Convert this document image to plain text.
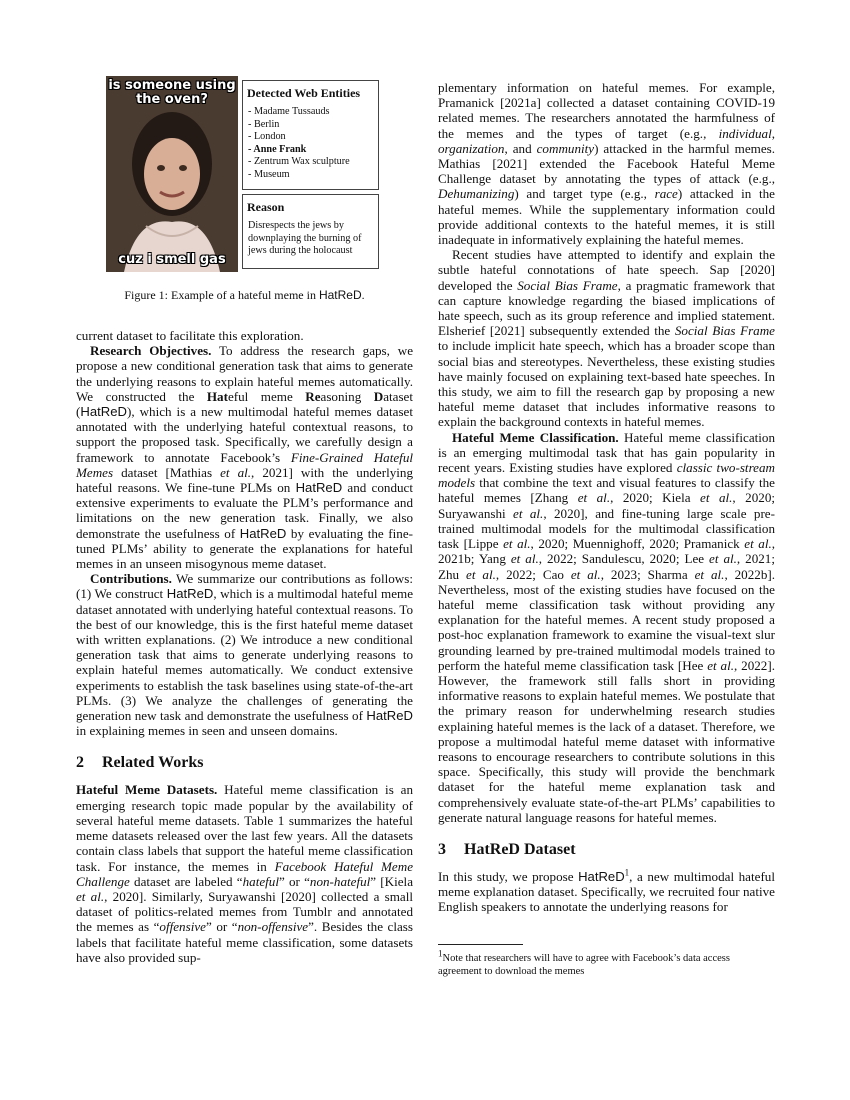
is someone using the oven?
cuz i smell gas
Detected Web Entities
- Madame Tussauds
- Berlin
- London
- Anne Frank
- Zentrum Wax sculpture
- Museum
Reason
Disrespects the jews by downplaying the burning of jews during the holocaust
Figure 1: Example of a hateful meme in HatReD.

current dataset to facilitate this exploration.

Research Objectives. To address the research gaps, we propose a new conditional generation task that aims to generate the underlying reasons to explain hateful memes automatically. We constructed the Hateful meme Reasoning Dataset (HatReD), which is a new multimodal hateful memes dataset annotated with the underlying hateful contextual reasons, to support the proposed task. Specifically, we carefully design a framework to annotate Facebook’s Fine-Grained Hateful Memes dataset [Mathias et al., 2021] with the underlying hateful reasons. We fine-tune PLMs on HatReD and conduct extensive experiments to evaluate the PLM’s performance and limitations on the new generation task. Finally, we also demonstrate the usefulness of HatReD by evaluating the fine-tuned PLMs’ ability to generate the explanations for hateful memes in an unseen misogynous meme dataset.

Contributions. We summarize our contributions as follows: (1) We construct HatReD, which is a multimodal hateful meme dataset annotated with underlying hateful contextual reasons. To the best of our knowledge, this is the first hateful meme dataset with written explanations. (2) We introduce a new conditional generation task that aims to generate underlying reasons to explain hateful memes automatically. We conduct extensive experiments to establish the task baselines using state-of-the-art PLMs. (3) We analyze the challenges of generating the generation new task and demonstrate the usefulness of HatReD in explaining memes in seen and unseen domains.

2 Related Works

Hateful Meme Datasets. Hateful meme classification is an emerging research topic made popular by the availability of several hateful meme datasets. Table 1 summarizes the hateful meme datasets released over the last few years. All the datasets contain class labels that support the hateful meme classification task. For instance, the memes in Facebook Hateful Meme Challenge dataset are labeled “hateful” or “non-hateful” [Kiela et al., 2020]. Similarly, Suryawanshi [2020] collected a small dataset of politics-related memes from Tumblr and annotated the memes as “offensive” or “non-offensive”. Besides the class labels that facilitate hateful meme classification, some datasets have also provided sup-

plementary information on hateful memes. For example, Pramanick [2021a] collected a dataset containing COVID-19 related memes. The researchers annotated the harmfulness of the memes and the types of target (e.g., individual, organization, and community) attacked in the harmful memes. Mathias [2021] extended the Facebook Hateful Meme Challenge dataset by annotating the types of attack (e.g., Dehumanizing) and target type (e.g., race) attacked in the hateful memes. While the supplementary information could provide additional contexts to the hateful memes, it is still inadequate in informatively explaining the hateful memes.

Recent studies have attempted to identify and explain the subtle hateful connotations of hate speech. Sap [2020] developed the Social Bias Frame, a pragmatic framework that can capture knowledge regarding the biased implications of hate speech, such as its group reference and implied statement. Elsherief [2021] subsequently extended the Social Bias Frame to include implicit hate speech, which has a broader scope than social bias and stereotypes. Nevertheless, these existing studies have mainly focused on explaining text-based hate speeches. In this study, we aim to fill the research gap by proposing a new hateful meme dataset that includes informative reasons to explain the background contexts in hateful memes.

Hateful Meme Classification. Hateful meme classification is an emerging multimodal task that has gain popularity in recent years. Existing studies have explored classic two-stream models that combine the text and visual features to classify the hateful memes [Zhang et al., 2020; Kiela et al., 2020; Suryawanshi et al., 2020], and fine-tuning large scale pre-trained multimodal models for the multimodal classification task [Lippe et al., 2020; Muennighoff, 2020; Pramanick et al., 2021b; Yang et al., 2022; Sandulescu, 2020; Lee et al., 2021; Zhu et al., 2022; Cao et al., 2023; Sharma et al., 2022b]. Nevertheless, most of the existing studies have focused on the hateful meme classification task without providing any explanation for the hateful memes. A recent study proposed a post-hoc explanation framework to examine the visual-text slur grounding learned by pre-trained multimodal models trained to perform the hateful meme classification task [Hee et al., 2022]. However, the framework still falls short in providing informative reasons to explain hateful memes. We postulate that the primary reason for underwhelming research studies explaining hateful memes is the lack of a dataset. Therefore, we propose a multimodal hateful meme dataset with informative reasons to encourage researchers to contribute solutions in this space. Specifically, this study will provide the benchmark dataset for the hateful meme explanation task and comprehensively evaluate state-of-the-art PLMs’ capabilities to generate natural language reasons for hateful memes.

3 HatReD Dataset

In this study, we propose HatReD$^1$, a new multimodal hateful meme explanation dataset. Specifically, we recruited four native English speakers to annotate the underlying reasons for

$^1$Note that researchers will have to agree with Facebook’s data access agreement to download the memes
